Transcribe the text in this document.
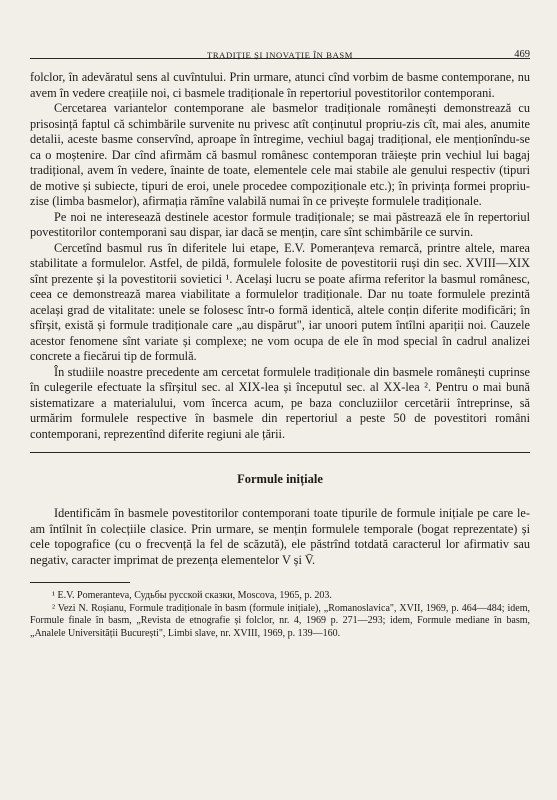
TRADIȚIE ȘI INOVAȚIE ÎN BASM	469

folclor, în adevăratul sens al cuvîntului. Prin urmare, atunci cînd vorbim de basme contemporane, nu avem în vedere creațiile noi, ci basmele tradiționale în repertoriul povestitorilor contemporani.

Cercetarea variantelor contemporane ale basmelor tradiționale românești demonstrează cu prisosință faptul că schimbările survenite nu privesc atît conținutul propriu-zis cît, mai ales, anumite detalii, aceste basme conservînd, aproape în întregime, vechiul bagaj tradițional, ele menționîndu-se ca o moștenire. Dar cînd afirmăm că basmul românesc contemporan trăiește prin vechiul lui bagaj tradițional, avem în vedere, înainte de toate, elementele cele mai stabile ale genului respectiv (tipuri de motive și subiecte, tipuri de eroi, unele procedee compoziționale etc.); în privința formei propriu-zise (limba basmelor), afirmația rămîne valabilă numai în ce privește formulele tradiționale.

Pe noi ne interesează destinele acestor formule tradiționale; se mai păstrează ele în repertoriul povestitorilor contemporani sau dispar, iar dacă se mențin, care sînt schimbările ce survin.

Cercetînd basmul rus în diferitele lui etape, E.V. Pomeranțeva remarcă, printre altele, marea stabilitate a formulelor. Astfel, de pildă, formulele folosite de povestitorii ruși din sec. XVIII—XIX sînt prezente și la povestitorii sovietici ¹. Același lucru se poate afirma referitor la basmul românesc, ceea ce demonstrează marea viabilitate a formulelor tradiționale. Dar nu toate formulele prezintă același grad de vitalitate: unele se folosesc într-o formă identică, altele conțin diferite modificări; în sfîrșit, există și formule tradiționale care „au dispărut", iar unoori putem întîlni apariții noi. Cauzele acestor fenomene sînt variate și complexe; ne vom ocupa de ele în mod special în cadrul analizei concrete a fiecărui tip de formulă.

În studiile noastre precedente am cercetat formulele tradiționale din basmele românești cuprinse în culegerile efectuate la sfîrșitul sec. al XIX-lea și începutul sec. al XX-lea ². Pentru o mai bună sistematizare a materialului, vom încerca acum, pe baza concluziilor cercetării întreprinse, să urmărim formulele respective în basmele din repertoriul a peste 50 de povestitori români contemporani, reprezentînd diferite regiuni ale țării.

Formule inițiale

Identificăm în basmele povestitorilor contemporani toate tipurile de formule inițiale pe care le-am întîlnit în colecțiile clasice. Prin urmare, se mențin formulele temporale (bogat reprezentate) și cele topografice (cu o frecvență la fel de scăzută), ele păstrînd totdată caracterul lor afirmativ sau negativ, caracter imprimat de prezența elementelor V și V̄.

¹ E.V. Pomeranteva, Судьбы русской сказки, Moscova, 1965, p. 203.

² Vezi N. Roșianu, Formule tradiționale în basm (formule inițiale), „Romanoslavica", XVII, 1969, p. 464—484; idem, Formule finale în basm, „Revista de etnografie și folclor, nr. 4, 1969 p. 271—293; idem, Formule mediane în basm, „Analele Universității București", Limbi slave, nr. XVIII, 1969, p. 139—160.
